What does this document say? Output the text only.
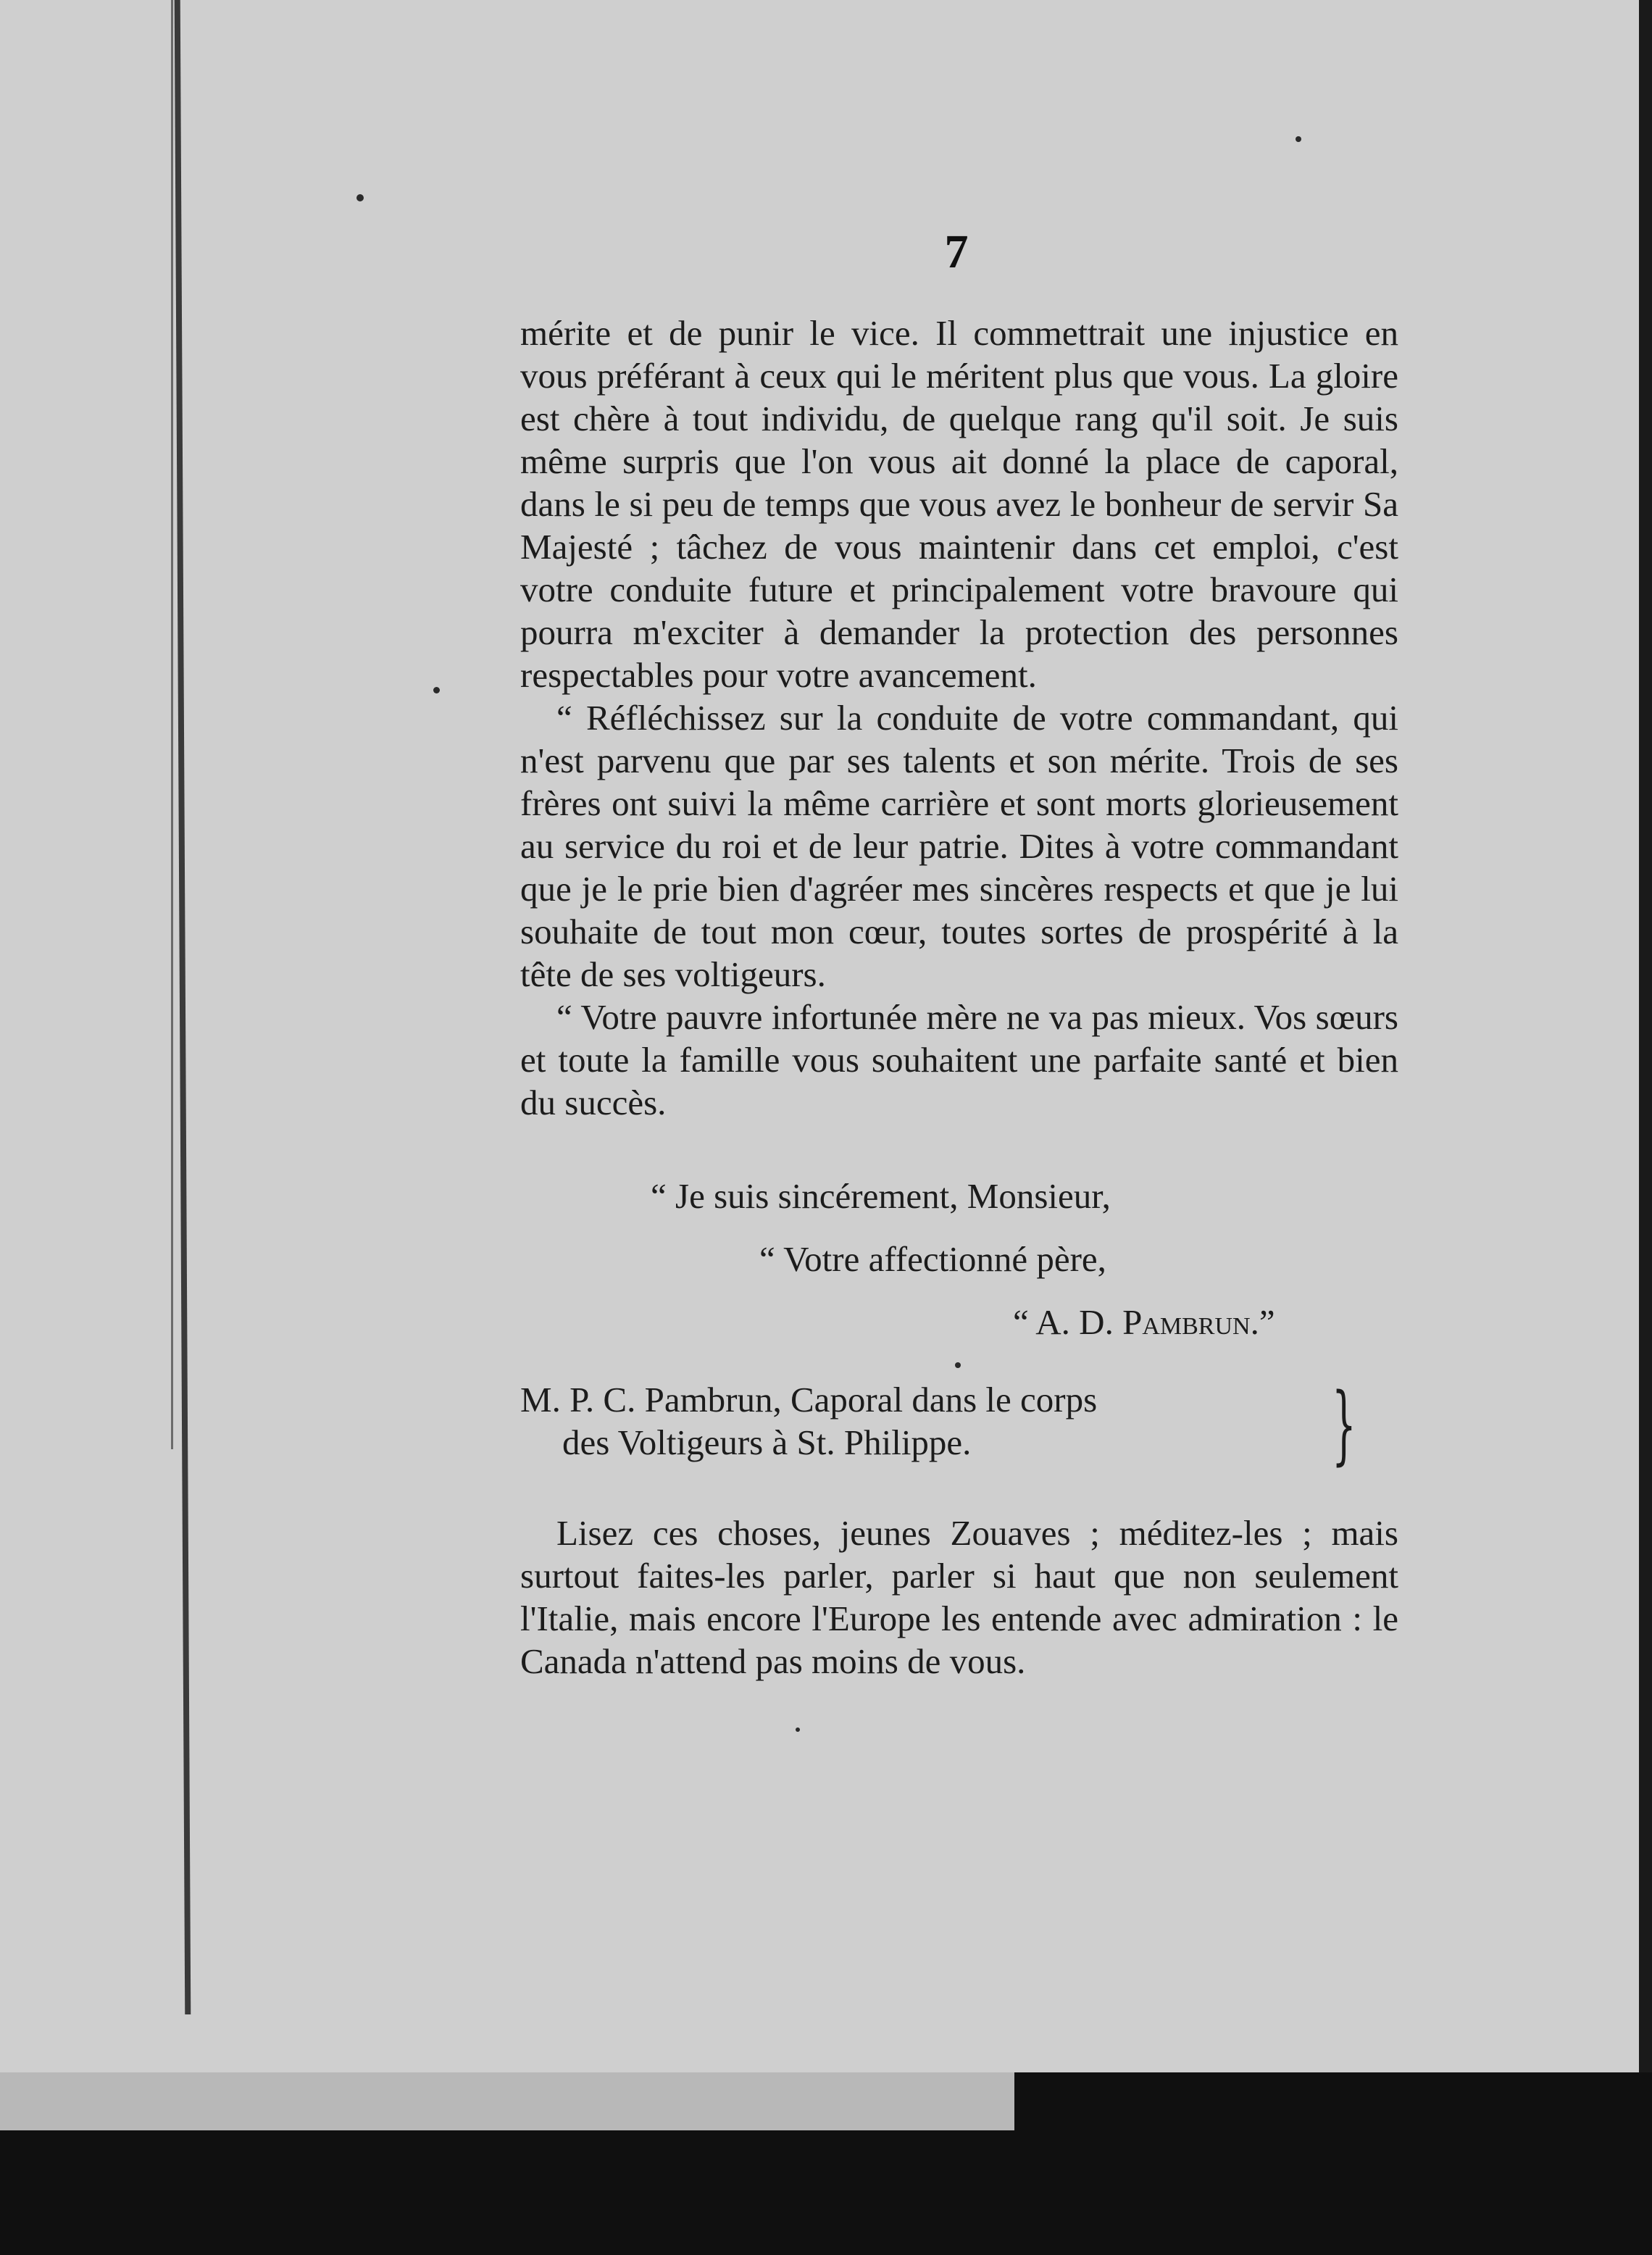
7

mérite et de punir le vice. Il commettrait une injustice en vous préférant à ceux qui le méritent plus que vous. La gloire est chère à tout individu, de quelque rang qu'il soit. Je suis même surpris que l'on vous ait donné la place de caporal, dans le si peu de temps que vous avez le bonheur de servir Sa Majesté ; tâchez de vous maintenir dans cet emploi, c'est votre conduite future et principalement votre bravoure qui pourra m'exciter à demander la protection des personnes respectables pour votre avancement.

“ Réfléchissez sur la conduite de votre commandant, qui n'est parvenu que par ses talents et son mérite. Trois de ses frères ont suivi la même carrière et sont morts glorieusement au service du roi et de leur patrie. Dites à votre commandant que je le prie bien d'agréer mes sincères respects et que je lui souhaite de tout mon cœur, toutes sortes de prospérité à la tête de ses voltigeurs.

“ Votre pauvre infortunée mère ne va pas mieux. Vos sœurs et toute la famille vous souhaitent une parfaite santé et bien du succès.

“ Je suis sincérement, Monsieur,

“ Votre affectionné père,

“ A. D. Pambrun.”

M. P. C. Pambrun, Caporal dans le corps
des Voltigeurs à St. Philippe.	}

Lisez ces choses, jeunes Zouaves ; méditez-les ; mais surtout faites-les parler, parler si haut que non seulement l'Italie, mais encore l'Europe les entende avec admiration : le Canada n'attend pas moins de vous.
